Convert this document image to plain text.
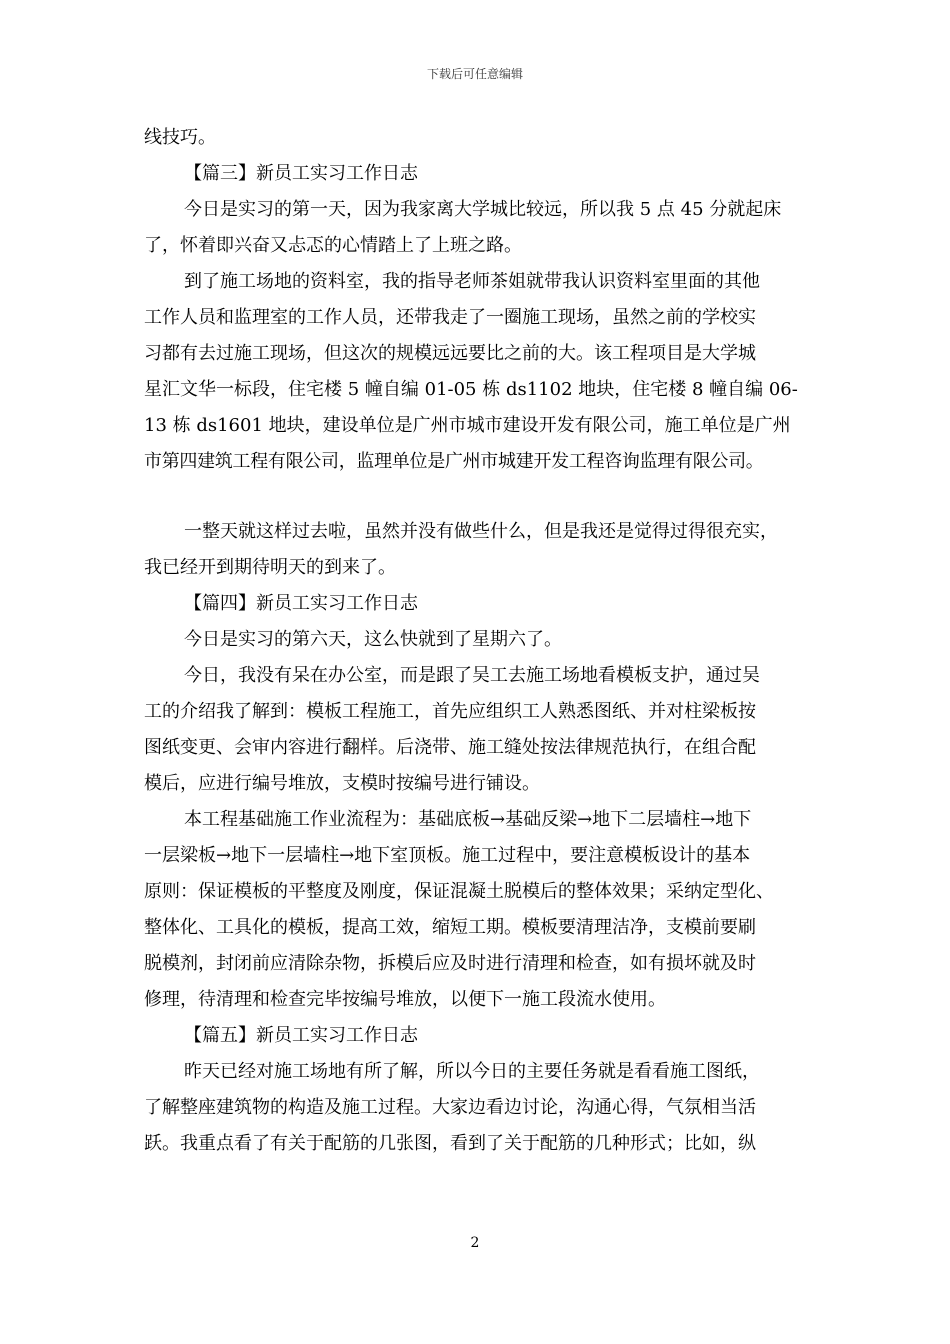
下载后可任意编辑
线技巧。
【篇三】新员工实习工作日志
今日是实习的第一天，因为我家离大学城比较远，所以我 5 点 45 分就起床
了，怀着即兴奋又忐忑的心情踏上了上班之路。
到了施工场地的资料室，我的指导老师茶姐就带我认识资料室里面的其他
工作人员和监理室的工作人员，还带我走了一圈施工现场，虽然之前的学校实
习都有去过施工现场，但这次的规模远远要比之前的大。该工程项目是大学城
星汇文华一标段，住宅楼 5 幢自编 01-05 栋 ds1102 地块，住宅楼 8 幢自编 06-
13 栋 ds1601 地块，建设单位是广州市城市建设开发有限公司，施工单位是广州
市第四建筑工程有限公司，监理单位是广州市城建开发工程咨询监理有限公司。
一整天就这样过去啦，虽然并没有做些什么，但是我还是觉得过得很充实，
我已经开到期待明天的到来了。
【篇四】新员工实习工作日志
今日是实习的第六天，这么快就到了星期六了。
今日，我没有呆在办公室，而是跟了吴工去施工场地看模板支护，通过吴
工的介绍我了解到：模板工程施工，首先应组织工人熟悉图纸、并对柱梁板按
图纸变更、会审内容进行翻样。后浇带、施工缝处按法律规范执行，在组合配
模后，应进行编号堆放，支模时按编号进行铺设。
本工程基础施工作业流程为：基础底板→基础反梁→地下二层墙柱→地下
一层梁板→地下一层墙柱→地下室顶板。施工过程中，要注意模板设计的基本
原则：保证模板的平整度及刚度，保证混凝土脱模后的整体效果；采纳定型化、
整体化、工具化的模板，提高工效，缩短工期。模板要清理洁净，支模前要刷
脱模剂，封闭前应清除杂物，拆模后应及时进行清理和检查，如有损坏就及时
修理，待清理和检查完毕按编号堆放，以便下一施工段流水使用。
【篇五】新员工实习工作日志
昨天已经对施工场地有所了解，所以今日的主要任务就是看看施工图纸，
了解整座建筑物的构造及施工过程。大家边看边讨论，沟通心得，气氛相当活
跃。我重点看了有关于配筋的几张图，看到了关于配筋的几种形式；比如，纵
2
